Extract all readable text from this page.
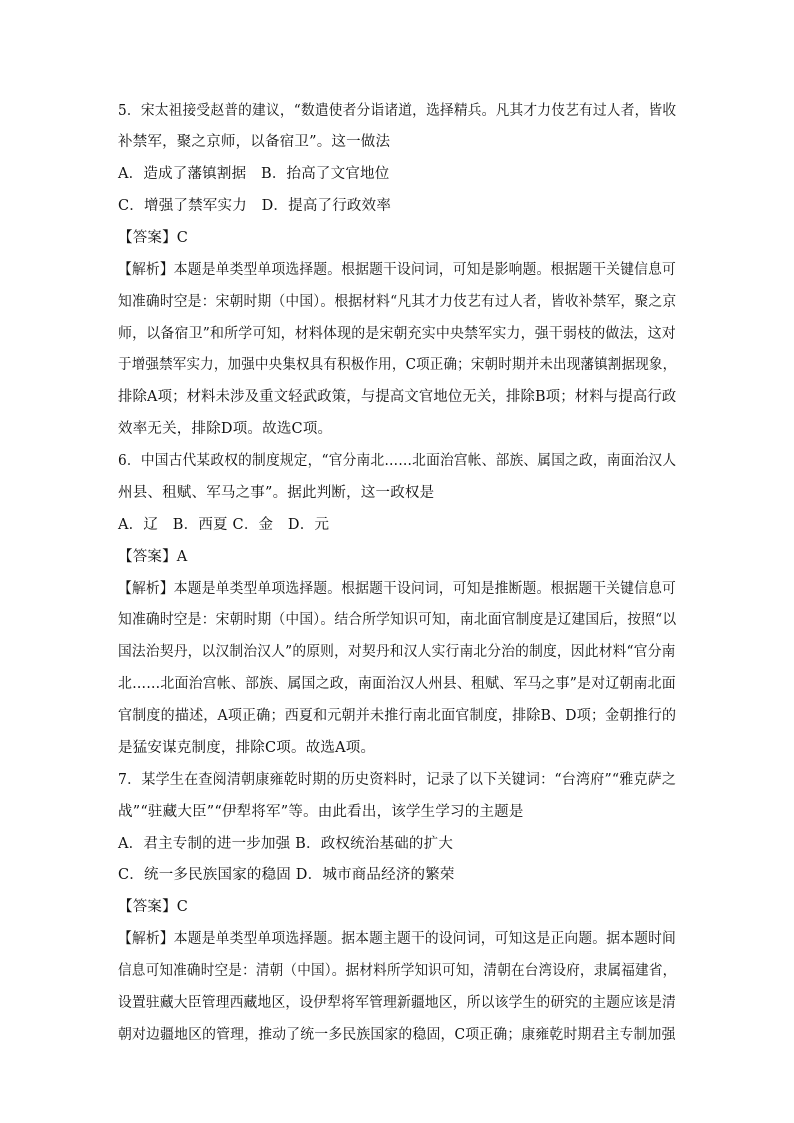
5．宋太祖接受赵普的建议，“数遣使者分诣诸道，选择精兵。凡其才力伎艺有过人者，皆收
补禁军，聚之京师，以备宿卫”。这一做法
A．造成了藩镇割据　B．抬高了文官地位
C．增强了禁军实力　D．提高了行政效率
【答案】C
【解析】本题是单类型单项选择题。根据题干设问词，可知是影响题。根据题干关键信息可
知准确时空是：宋朝时期（中国）。根据材料“凡其才力伎艺有过人者，皆收补禁军，聚之京
师，以备宿卫”和所学可知，材料体现的是宋朝充实中央禁军实力，强干弱枝的做法，这对
于增强禁军实力，加强中央集权具有积极作用，C项正确；宋朝时期并未出现藩镇割据现象，
排除A项；材料未涉及重文轻武政策，与提高文官地位无关，排除B项；材料与提高行政
效率无关，排除D项。故选C项。
6．中国古代某政权的制度规定，“官分南北……北面治宫帐、部族、属国之政，南面治汉人
州县、租赋、军马之事”。据此判断，这一政权是
A．辽　B．西夏 C．金　D．元
【答案】A
【解析】本题是单类型单项选择题。根据题干设问词，可知是推断题。根据题干关键信息可
知准确时空是：宋朝时期（中国）。结合所学知识可知，南北面官制度是辽建国后，按照“以
国法治契丹，以汉制治汉人”的原则，对契丹和汉人实行南北分治的制度，因此材料“官分南
北……北面治宫帐、部族、属国之政，南面治汉人州县、租赋、军马之事”是对辽朝南北面
官制度的描述，A项正确；西夏和元朝并未推行南北面官制度，排除B、D项；金朝推行的
是猛安谋克制度，排除C项。故选A项。
7．某学生在查阅清朝康雍乾时期的历史资料时，记录了以下关键词：“台湾府”“雅克萨之
战”“驻藏大臣”“伊犁将军”等。由此看出，该学生学习的主题是
A．君主专制的进一步加强 B．政权统治基础的扩大
C．统一多民族国家的稳固 D．城市商品经济的繁荣
【答案】C
【解析】本题是单类型单项选择题。据本题主题干的设问词，可知这是正向题。据本题时间
信息可知准确时空是：清朝（中国）。据材料所学知识可知，清朝在台湾设府，隶属福建省，
设置驻藏大臣管理西藏地区，设伊犁将军管理新疆地区，所以该学生的研究的主题应该是清
朝对边疆地区的管理，推动了统一多民族国家的稳固，C项正确；康雍乾时期君主专制加强
